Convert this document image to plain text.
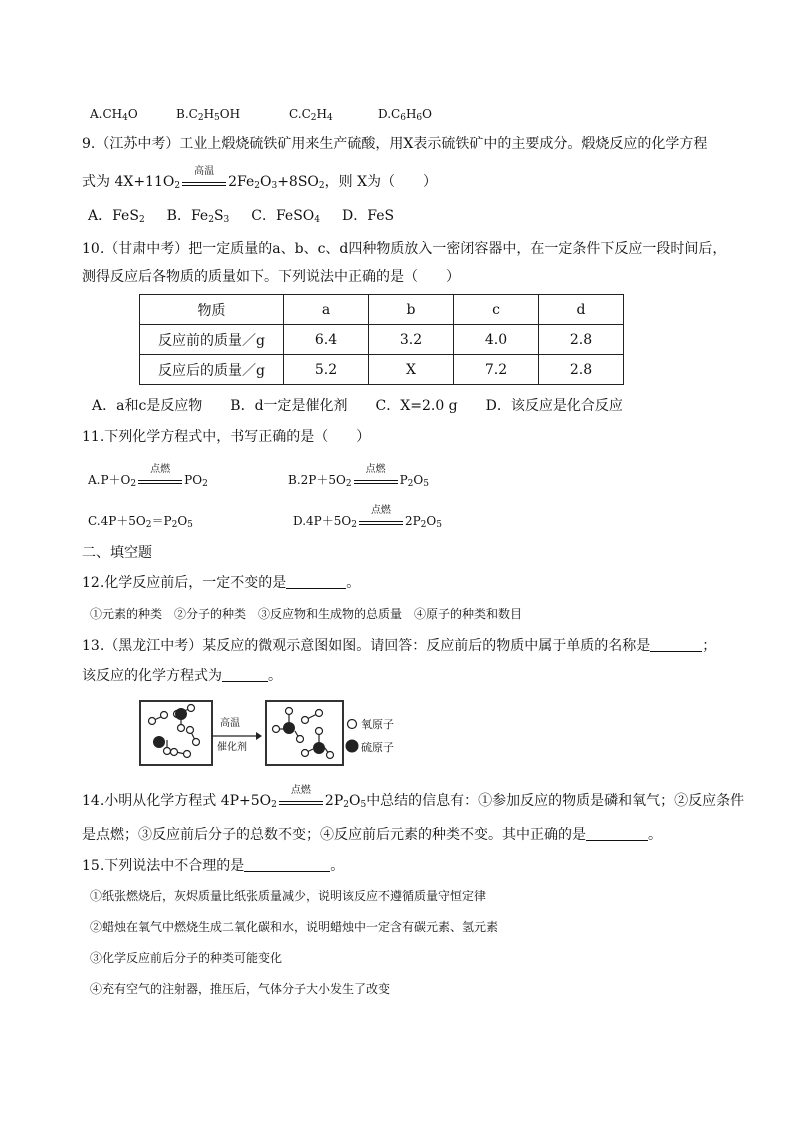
$A.CH_4O$	$B.C_2H_5OH$	$C.C_2H_4$	$D.C_6H_6O$
9.（江苏中考）工业上煅烧硫铁矿用来生产硫酸，用X表示硫铁矿中的主要成分。煅烧反应的化学方程
式为 $4X+11O_2$
高温
$2Fe_2O_3+8SO_2$，则 X为（　　）
A．FeS$_2$ B．$Fe_2S_3$ C．FeSO$_4$ D．FeS
10.（甘肃中考）把一定质量的a、b、c、d四种物质放入一密闭容器中，在一定条件下反应一段时间后，
测得反应后各物质的质量如下。下列说法中正确的是（　　）
物质	a	b	c	d
反应前的质量／g	6.4	3.2	4.0	2.8
反应后的质量／g	5.2	X	7.2	2.8
A．a和c是反应物　　B．d一定是催化剂　　C．X=2.0 g　　D．该反应是化合反应
11.下列化学方程式中，书写正确的是（　　）
$A.P+O_2$
点燃
$PO_2$	$B.2P+5O_2$
点燃
$P_2O_5$
$C.4P+5O_2=P_2O_5$	$D.4P+5O_2$
点燃
$2P_2O_5$
二、填空题
12.化学反应前后，一定不变的是	。
①元素的种类　②分子的种类　③反应物和生成物的总质量　④原子的种类和数目
13.（黑龙江中考）某反应的微观示意图如图。请回答：反应前后的物质中属于单质的名称是	；
该反应的化学方程式为	。
高温
催化剂
氧原子
硫原子
14.小明从化学方程式 $4P+5O_2$
点燃
$2P_2O_5$中总结的信息有：①参加反应的物质是磷和氧气；②反应条件
是点燃；③反应前后分子的总数不变；④反应前后元素的种类不变。其中正确的是	。
15.下列说法中不合理的是	。
①纸张燃烧后，灰烬质量比纸张质量减少，说明该反应不遵循质量守恒定律
②蜡烛在氧气中燃烧生成二氧化碳和水，说明蜡烛中一定含有碳元素、氢元素
③化学反应前后分子的种类可能变化
④充有空气的注射器，推压后，气体分子大小发生了改变
